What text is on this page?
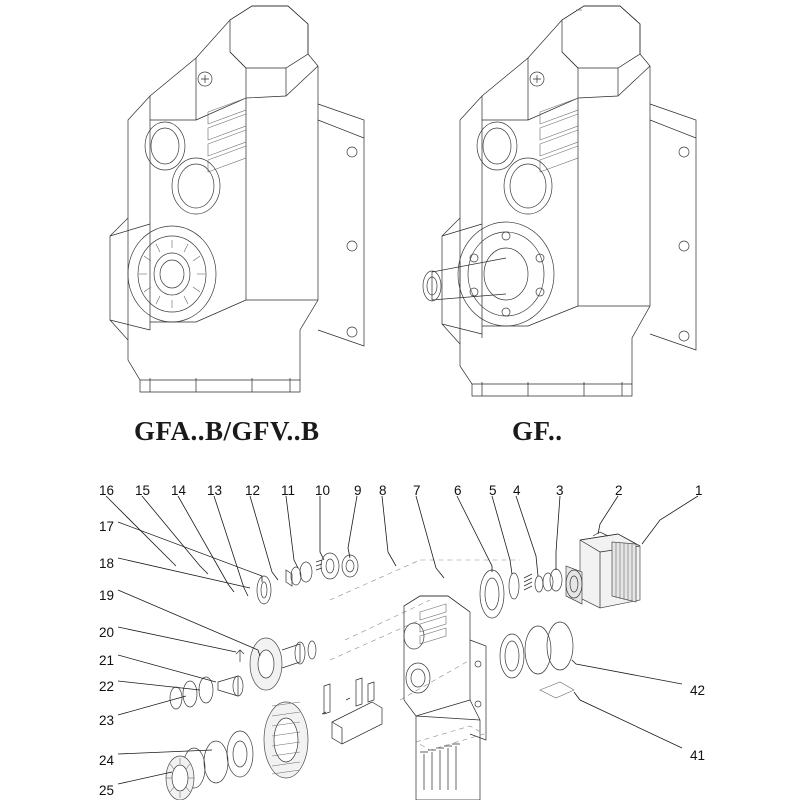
GFA..B/GFV..B	GF..
16 15 14 13 12 11 10 9 8 7 6 5 4	3	2	1
17
18
19
20
21
22
23
24
25
42
41
